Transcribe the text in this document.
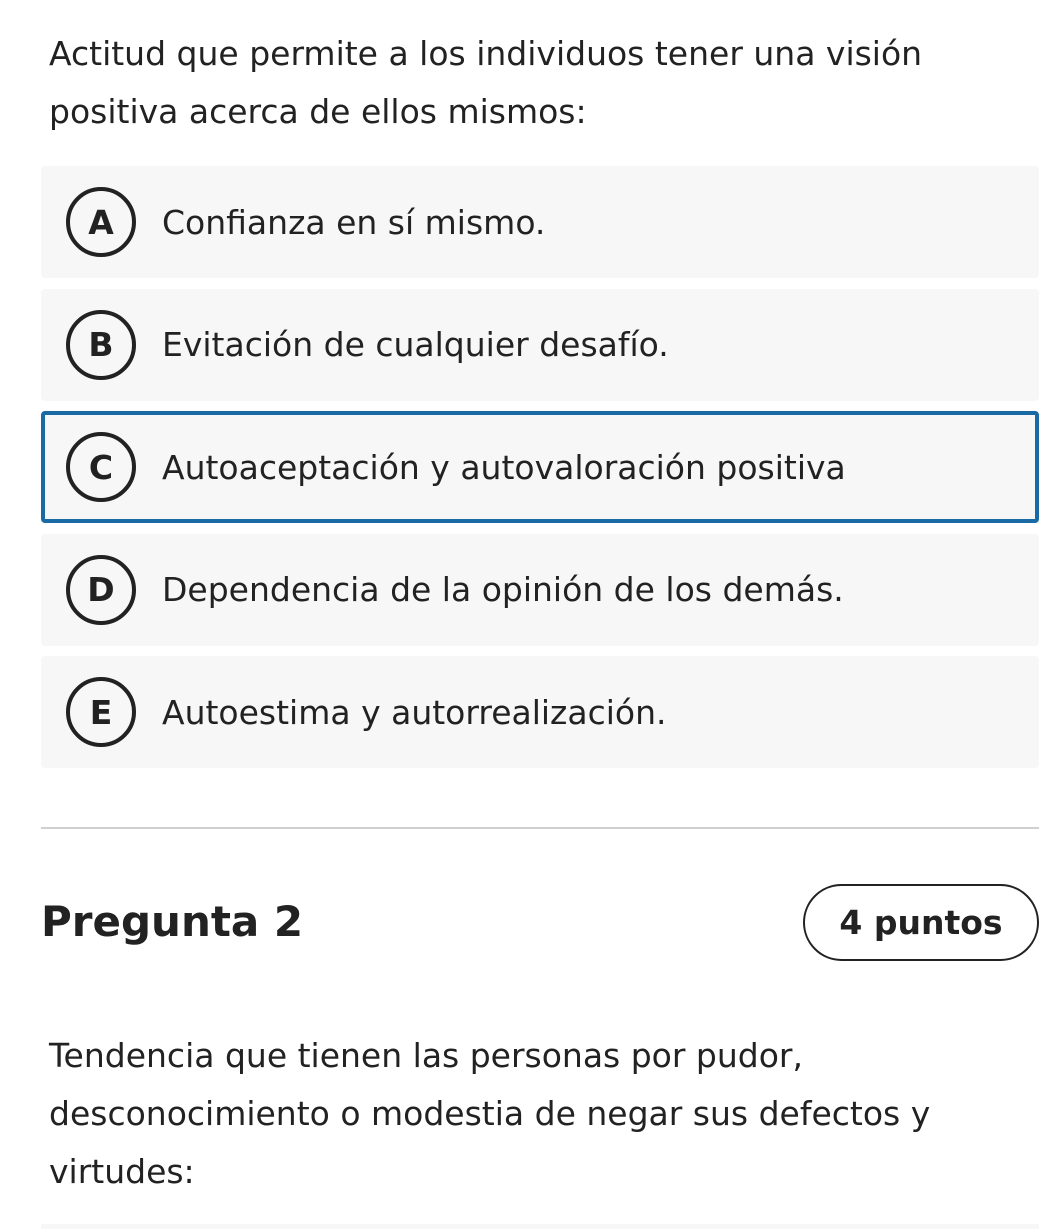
Actitud que permite a los individuos tener una visión positiva acerca de ellos mismos:

A	Confianza en sí mismo.
B	Evitación de cualquier desafío.
C	Autoaceptación y autovaloración positiva
D	Dependencia de la opinión de los demás.
E	Autoestima y autorrealización.
Pregunta 2	4 puntos

Tendencia que tienen las personas por pudor, desconocimiento o modestia de negar sus defectos y virtudes:
